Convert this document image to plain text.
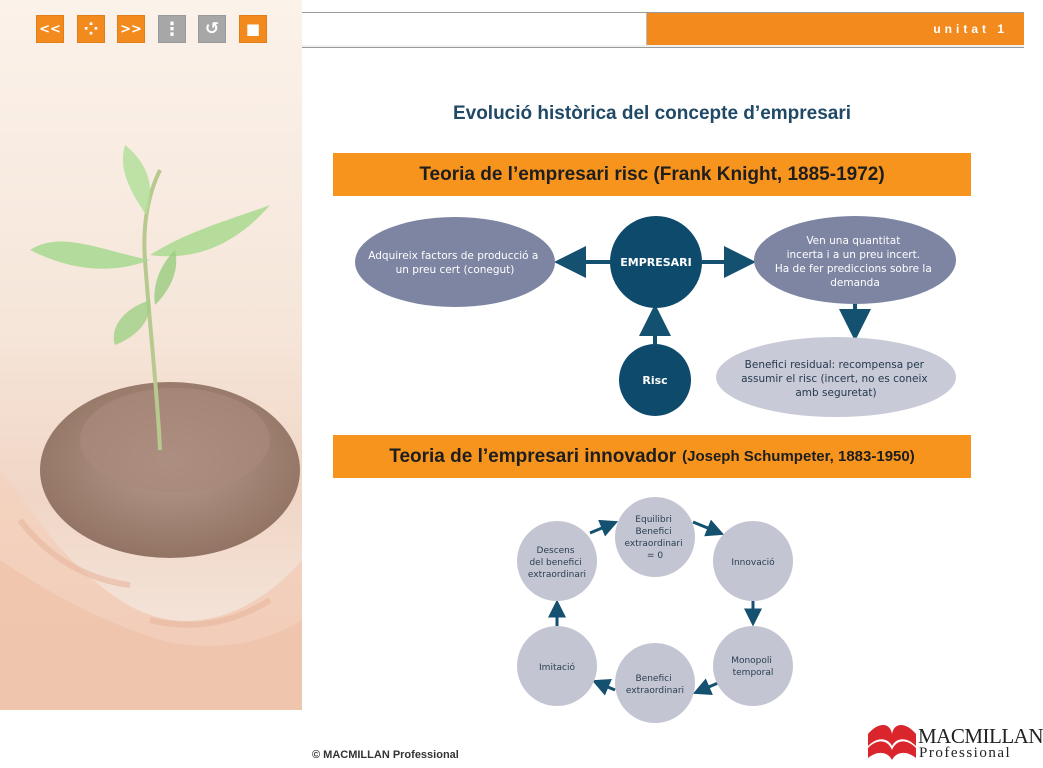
<< ⁘ >> ⋮ ↺ ■	unitat 1
Evolució històrica del concepte d’empresari
Teoria de l’empresari risc (Frank Knight, 1885-1972)
Teoria de l’empresari innovador (Joseph Schumpeter, 1883-1950)
Adquireix factors de producció a un preu cert (conegut)
EMPRESARI
Ven una quantitat incerta i a un preu incert. Ha de fer prediccions sobre la demanda
Risc
Benefici residual: recompensa per assumir el risc (incert, no es coneix amb seguretat)
Equilibri Benefici extraordinari = 0
Innovació
Monopoli temporal
Benefici extraordinari
Imitació
Descens del benefici extraordinari
© MACMILLAN Professional
MACMILLAN
Professional
